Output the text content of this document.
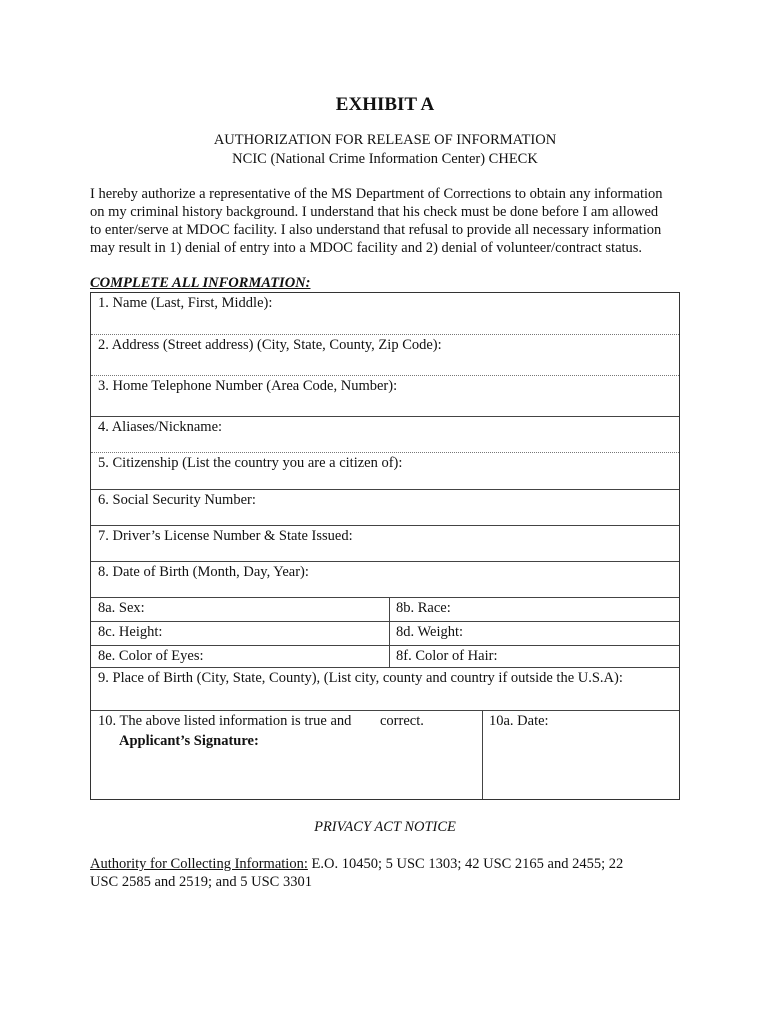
EXHIBIT A
AUTHORIZATION FOR RELEASE OF INFORMATION
NCIC (National Crime Information Center) CHECK
I hereby authorize a representative of the MS Department of Corrections to obtain any information
on my criminal history background. I understand that his check must be done before I am allowed
to enter/serve at MDOC facility. I also understand that refusal to provide all necessary information
may result in 1) denial of entry into a MDOC facility and 2) denial of volunteer/contract status.
COMPLETE ALL INFORMATION:
1. Name (Last, First, Middle):
2. Address (Street address) (City, State, County, Zip Code):
3. Home Telephone Number (Area Code, Number):
4. Aliases/Nickname:
5. Citizenship (List the country you are a citizen of):
6. Social Security Number:
7. Driver’s License Number & State Issued:
8. Date of Birth (Month, Day, Year):
8a. Sex:	8b. Race:
8c. Height:	8d. Weight:
8e. Color of Eyes:	8f. Color of Hair:
9. Place of Birth (City, State, County), (List city, county and country if outside the U.S.A):
10. The above listed information is true and	correct.
Applicant’s Signature:
10a. Date:
PRIVACY ACT NOTICE
Authority for Collecting Information: E.O. 10450; 5 USC 1303; 42 USC 2165 and 2455; 22
USC 2585 and 2519; and 5 USC 3301
